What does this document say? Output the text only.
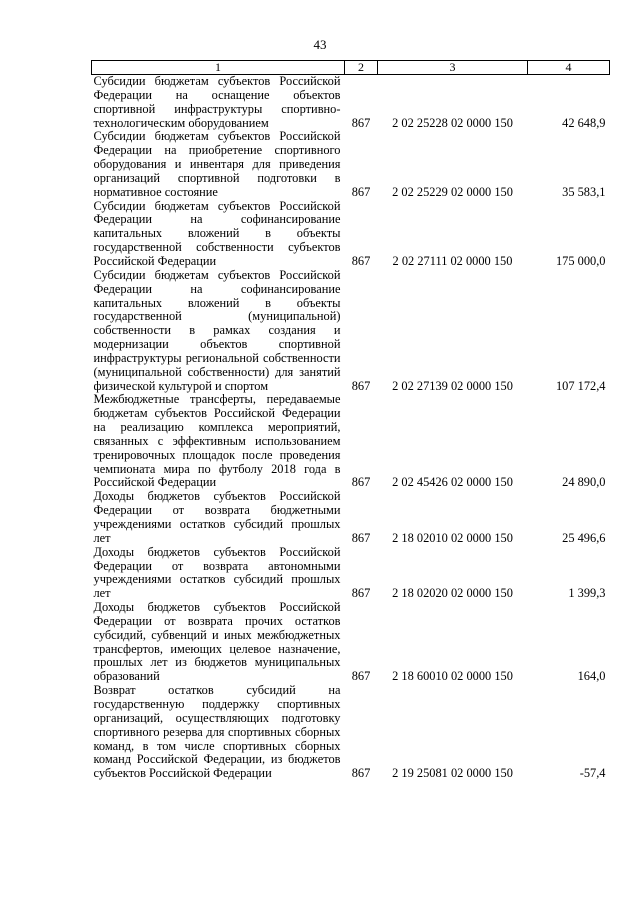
43
1	2	3	4
Субсидии бюджетам субъектов Российской Федерации на оснащение объектов спортивной инфраструктуры спортивно-технологическим оборудованием	867	2 02 25228 02 0000 150	42 648,9
Субсидии бюджетам субъектов Российской Федерации на приобретение спортивного оборудования и инвентаря для приведения организаций спортивной подготовки в нормативное состояние	867	2 02 25229 02 0000 150	35 583,1
Субсидии бюджетам субъектов Российской Федерации на софинансирование капитальных вложений в объекты государственной собственности субъектов Российской Федерации	867	2 02 27111 02 0000 150	175 000,0
Субсидии бюджетам субъектов Российской Федерации на софинансирование капитальных вложений в объекты государственной (муниципальной) собственности в рамках создания и модернизации объектов спортивной инфраструктуры региональной собственности (муниципальной собственности) для занятий физической культурой и спортом	867	2 02 27139 02 0000 150	107 172,4
Межбюджетные трансферты, передаваемые бюджетам субъектов Российской Федерации на реализацию комплекса мероприятий, связанных с эффективным использованием тренировочных площадок после проведения чемпионата мира по футболу 2018 года в Российской Федерации	867	2 02 45426 02 0000 150	24 890,0
Доходы бюджетов субъектов Российской Федерации от возврата бюджетными учреждениями остатков субсидий прошлых лет	867	2 18 02010 02 0000 150	25 496,6
Доходы бюджетов субъектов Российской Федерации от возврата автономными учреждениями остатков субсидий прошлых лет	867	2 18 02020 02 0000 150	1 399,3
Доходы бюджетов субъектов Российской Федерации от возврата прочих остатков субсидий, субвенций и иных межбюджетных трансфертов, имеющих целевое назначение, прошлых лет из бюджетов муниципальных образований	867	2 18 60010 02 0000 150	164,0
Возврат остатков субсидий на государственную поддержку спортивных организаций, осуществляющих подготовку спортивного резерва для спортивных сборных команд, в том числе спортивных сборных команд Российской Федерации, из бюджетов субъектов Российской Федерации	867	2 19 25081 02 0000 150	-57,4
